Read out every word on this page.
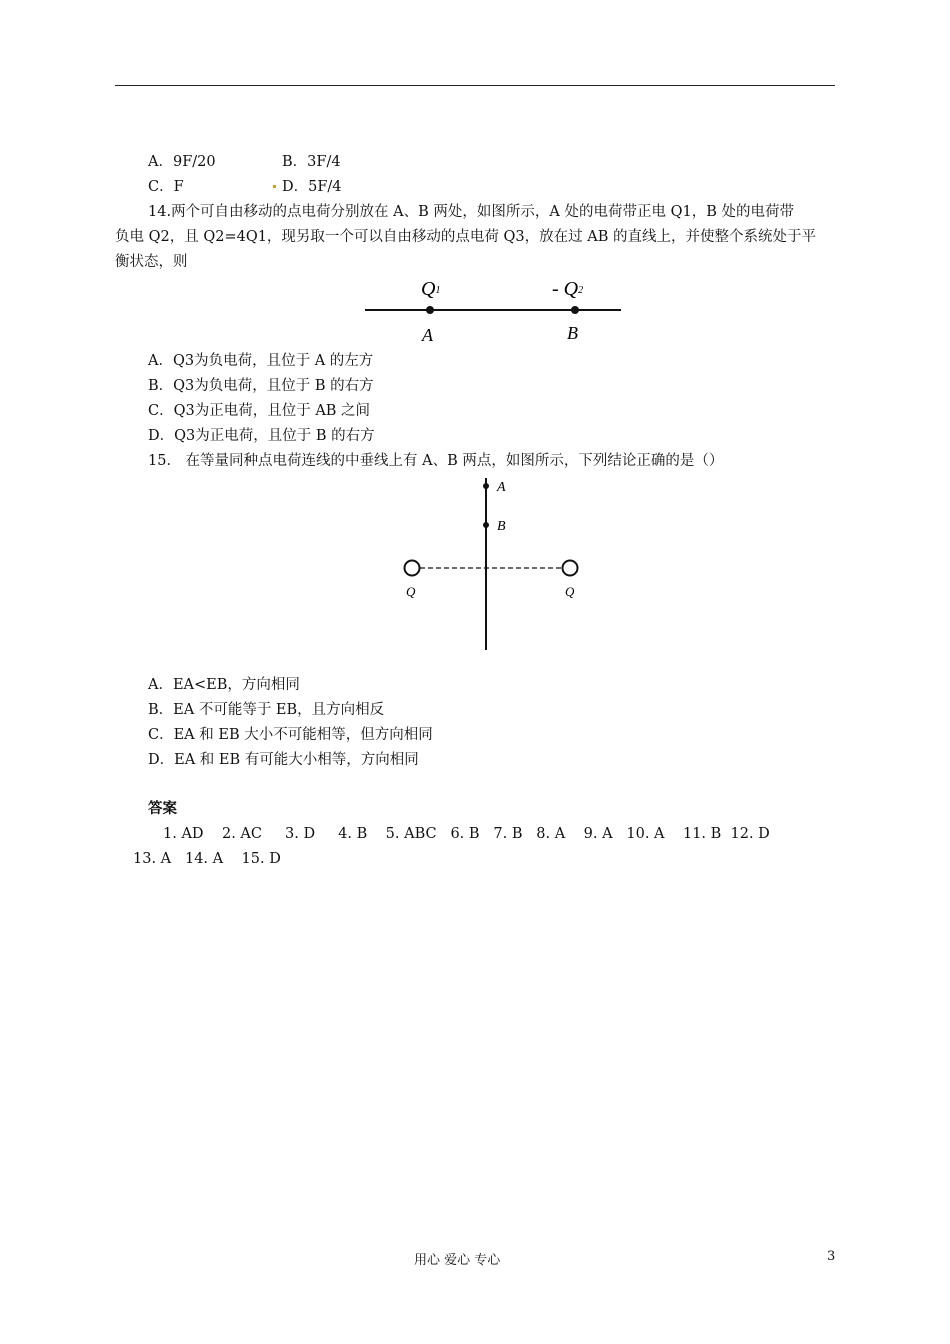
A．9F/20	B．3F/4
C．F	D．5F/4
14.两个可自由移动的点电荷分别放在 A、B 两处，如图所示，A 处的电荷带正电 Q1，B 处的电荷带
负电 Q2，且 Q2=4Q1，现另取一个可以自由移动的点电荷 Q3，放在过 AB 的直线上，并使整个系统处于平
衡状态，则
Q1	- Q2
A	B
A．Q3为负电荷，且位于 A 的左方
B．Q3为负电荷，且位于 B 的右方
C．Q3为正电荷，且位于 AB 之间
D．Q3为正电荷，且位于 B 的右方
15． 在等量同种点电荷连线的中垂线上有 A、B 两点，如图所示，下列结论正确的是（）
A
B
Q	Q
A．EA<EB，方向相同
B．EA 不可能等于 EB，且方向相反
C．EA 和 EB 大小不可能相等，但方向相同
D．EA 和 EB 有可能大小相等，方向相同
答案
1. AD    2. AC     3. D     4. B    5. ABC   6. B   7. B   8. A    9. A   10. A    11. B  12. D
13. A   14. A    15. D
用心 爱心 专心	3
